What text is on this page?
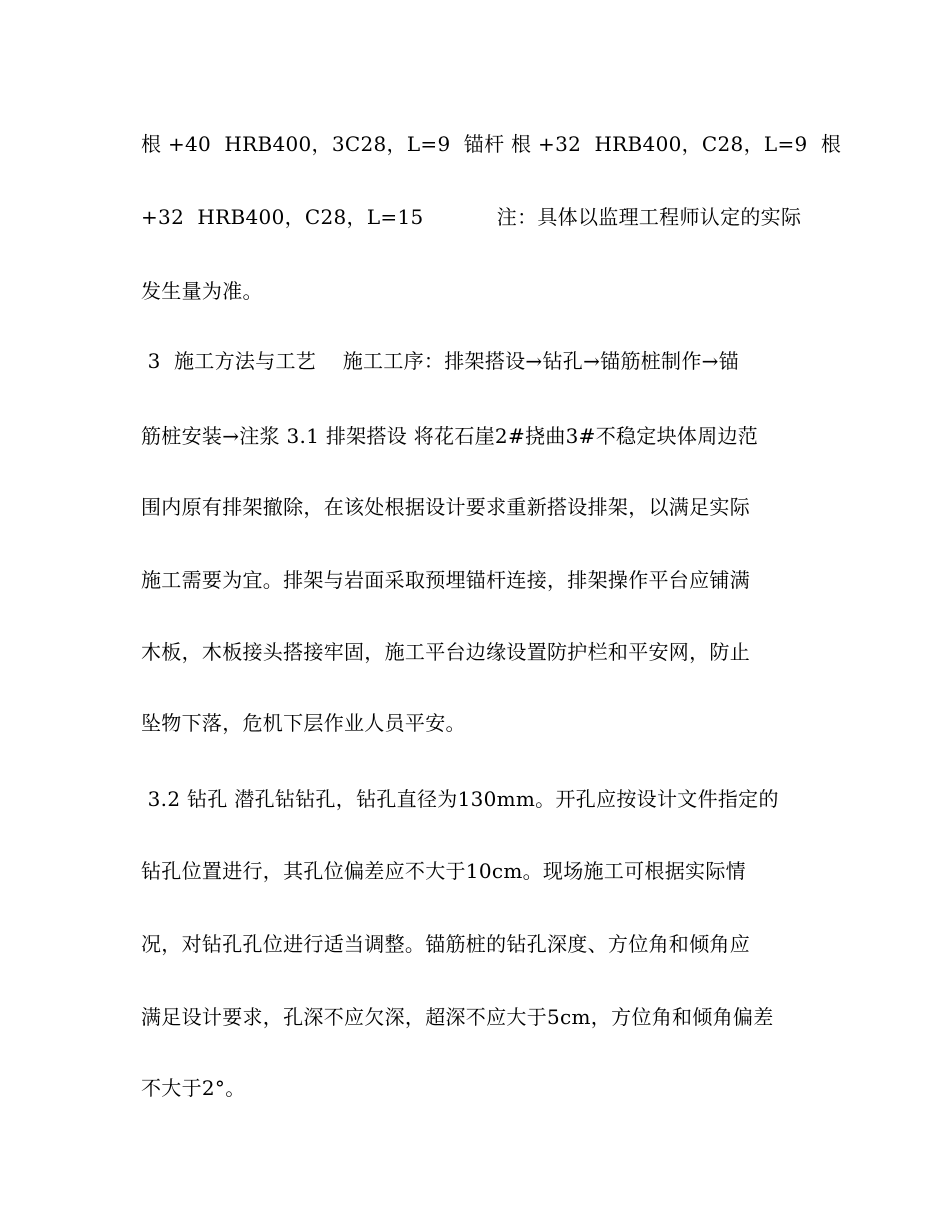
根 +40  HRB400，3C28，L=9  锚杆 根 +32  HRB400，C28，L=9  根
+32  HRB400，C28，L=15           注：具体以监理工程师认定的实际
发生量为准。
3  施工方法与工艺    施工工序：排架搭设→钻孔→锚筋桩制作→锚
筋桩安装→注浆 3.1 排架搭设 将花石崖2#挠曲3#不稳定块体周边范
围内原有排架撤除，在该处根据设计要求重新搭设排架，以满足实际
施工需要为宜。排架与岩面采取预埋锚杆连接，排架操作平台应铺满
木板，木板接头搭接牢固，施工平台边缘设置防护栏和平安网，防止
坠物下落，危机下层作业人员平安。
3.2 钻孔 潜孔钻钻孔，钻孔直径为130mm。开孔应按设计文件指定的
钻孔位置进行，其孔位偏差应不大于10cm。现场施工可根据实际情
况，对钻孔孔位进行适当调整。锚筋桩的钻孔深度、方位角和倾角应
满足设计要求，孔深不应欠深，超深不应大于5cm，方位角和倾角偏差
不大于2°。
